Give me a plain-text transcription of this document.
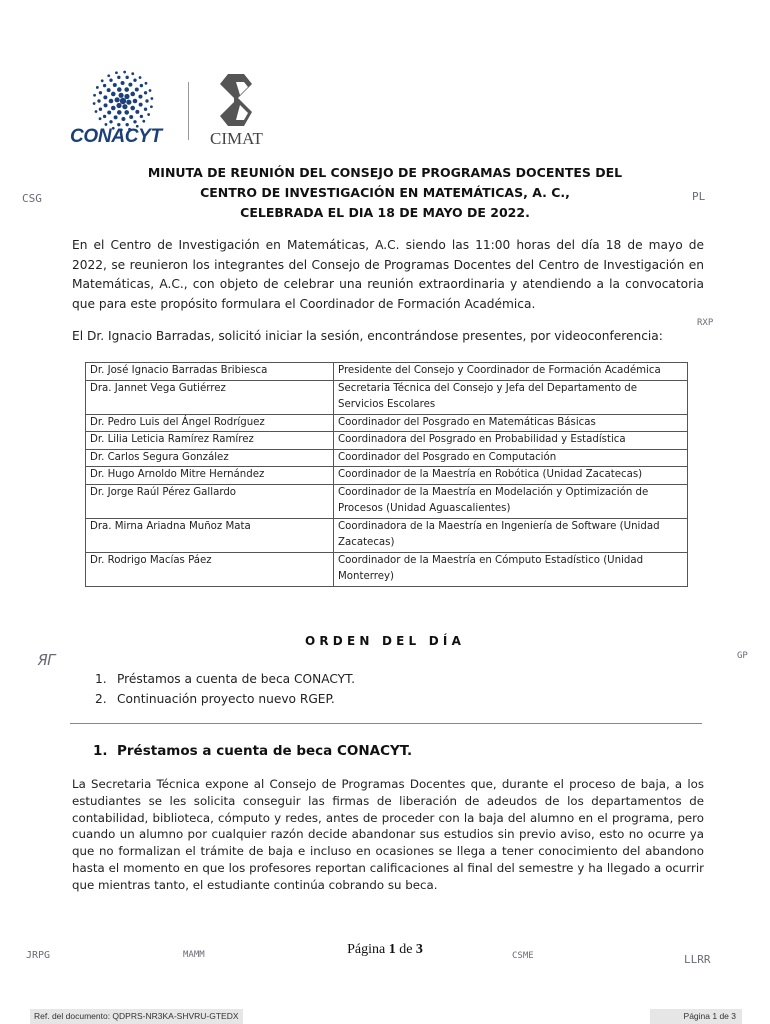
CONACYT	CIMAT
MINUTA DE REUNIÓN DEL CONSEJO DE PROGRAMAS DOCENTES DEL
CENTRO DE INVESTIGACIÓN EN MATEMÁTICAS, A. C.,
CELEBRADA EL DIA 18 DE MAYO DE 2022.
CSG	PL
RXP
GP
ЯГ
En el Centro de Investigación en Matemáticas, A.C. siendo las 11:00 horas del día 18 de mayo de 2022, se reunieron los integrantes del Consejo de Programas Docentes del Centro de Investigación en Matemáticas, A.C., con objeto de celebrar una reunión extraordinaria y atendiendo a la convocatoria que para este propósito formulara el Coordinador de Formación Académica.
El Dr. Ignacio Barradas, solicitó iniciar la sesión, encontrándose presentes, por videoconferencia:
Dr. José Ignacio Barradas Bribiesca	Presidente del Consejo y Coordinador de Formación Académica
Dra. Jannet Vega Gutiérrez	Secretaria Técnica del Consejo y Jefa del Departamento de Servicios Escolares
Dr. Pedro Luis del Ángel Rodríguez	Coordinador del Posgrado en Matemáticas Básicas
Dr. Lilia Leticia Ramírez Ramírez	Coordinadora del Posgrado en Probabilidad y Estadística
Dr. Carlos Segura González	Coordinador del Posgrado en Computación
Dr. Hugo Arnoldo Mitre Hernández	Coordinador de la Maestría en Robótica (Unidad Zacatecas)
Dr. Jorge Raúl Pérez Gallardo	Coordinador de la Maestría en Modelación y Optimización de Procesos (Unidad Aguascalientes)
Dra. Mirna Ariadna Muñoz Mata	Coordinadora de la Maestría en Ingeniería de Software (Unidad Zacatecas)
Dr. Rodrigo Macías Páez	Coordinador de la Maestría en Cómputo Estadístico (Unidad Monterrey)
ORDEN DEL DÍA
1. Préstamos a cuenta de beca CONACYT.
2. Continuación proyecto nuevo RGEP.
1. Préstamos a cuenta de beca CONACYT.
La Secretaria Técnica expone al Consejo de Programas Docentes que, durante el proceso de baja, a los estudiantes se les solicita conseguir las firmas de liberación de adeudos de los departamentos de contabilidad, biblioteca, cómputo y redes, antes de proceder con la baja del alumno en el programa, pero cuando un alumno por cualquier razón decide abandonar sus estudios sin previo aviso, esto no ocurre ya que no formalizan el trámite de baja e incluso en ocasiones se llega a tener conocimiento del abandono hasta el momento en que los profesores reportan calificaciones al final del semestre y ha llegado a ocurrir que mientras tanto, el estudiante continúa cobrando su beca.
Página 1 de 3
JRPG	MAMM	CSME	LLRR
Ref. del documento: QDPRS-NR3KA-SHVRU-GTEDX	Página 1 de 3
